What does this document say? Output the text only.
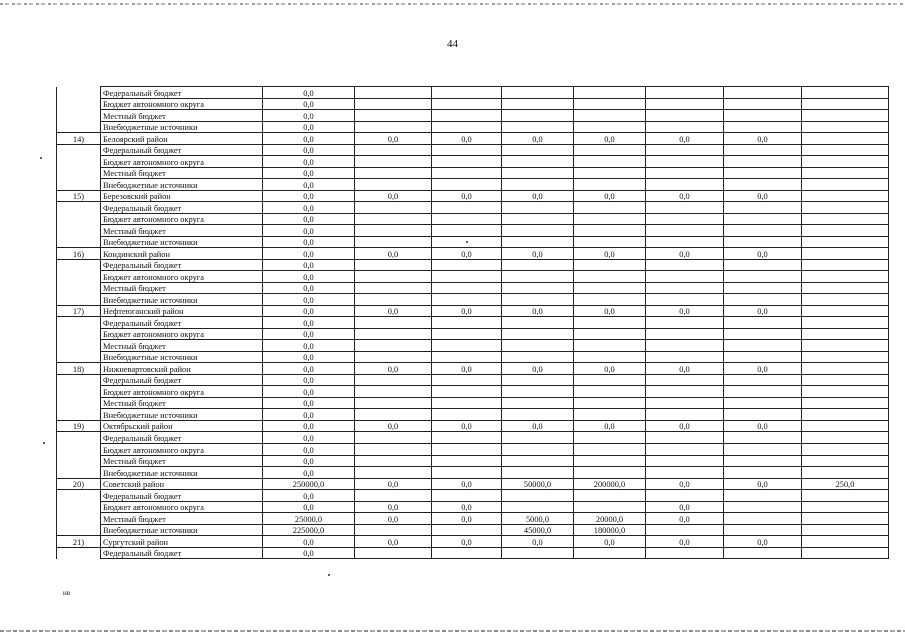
44
	Федеральный бюджет	0,0							
	Бюджет автономного округа	0,0							
	Местный бюджет	0,0							
	Внебюджетные источники	0,0							
14)	Белоярский район	0,0	0,0	0,0	0,0	0,0	0,0	0,0	
	Федеральный бюджет	0,0							
	Бюджет автономного округа	0,0							
	Местный бюджет	0,0							
	Внебюджетные источники	0,0							
15)	Березовский район	0,0	0,0	0,0	0,0	0,0	0,0	0,0	
	Федеральный бюджет	0,0							
	Бюджет автономного округа	0,0							
	Местный бюджет	0,0							
	Внебюджетные источники	0,0							
16)	Кондинский район	0,0	0,0	0,0	0,0	0,0	0,0	0,0	
	Федеральный бюджет	0,0							
	Бюджет автономного округа	0,0							
	Местный бюджет	0,0							
	Внебюджетные источники	0,0							
17)	Нефтеюганский район	0,0	0,0	0,0	0,0	0,0	0,0	0,0	
	Федеральный бюджет	0,0							
	Бюджет автономного округа	0,0							
	Местный бюджет	0,0							
	Внебюджетные источники	0,0							
18)	Нижневартовский район	0,0	0,0	0,0	0,0	0,0	0,0	0,0	
	Федеральный бюджет	0,0							
	Бюджет автономного округа	0,0							
	Местный бюджет	0,0							
	Внебюджетные источники	0,0							
19)	Октябрьский район	0,0	0,0	0,0	0,0	0,0	0,0	0,0	
	Федеральный бюджет	0,0							
	Бюджет автономного округа	0,0							
	Местный бюджет	0,0							
	Внебюджетные источники	0,0							
20)	Советский район	250000,0	0,0	0,0	50000,0	200000,0	0,0	0,0	250,0
	Федеральный бюджет	0,0							
	Бюджет автономного округа	0,0	0,0	0,0			0,0		
	Местный бюджет	25000,0	0,0	0,0	5000,0	20000,0	0,0		
	Внебюджетные источники	225000,0			45000,0	180000,0			
21)	Сургутский район	0,0	0,0	0,0	0,0	0,0	0,0	0,0	
	Федеральный бюджет	0,0							
нв
